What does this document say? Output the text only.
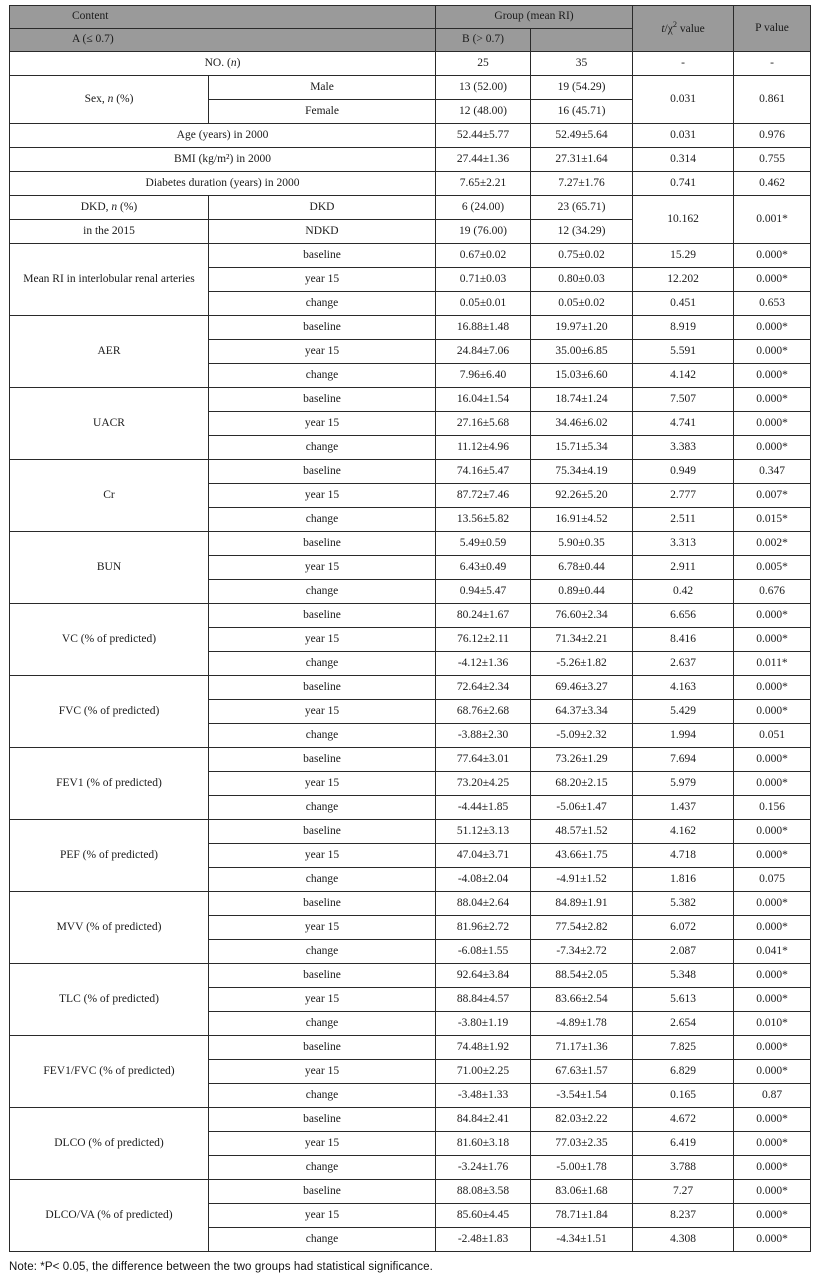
Content		Group (mean RI)		$t/\chi^2$ value	P value
A (≤ 0.7)		B (> 0.7)			
NO. (n)		25	35	-	-
Sex, n (%)	Male	13 (52.00)	19 (54.29)	0.031	0.861
	Female	12 (48.00)	16 (45.71)		
Age (years) in 2000		52.44±5.77	52.49±5.64	0.031	0.976
BMI (kg/m²) in 2000		27.44±1.36	27.31±1.64	0.314	0.755
Diabetes duration (years) in 2000		7.65±2.21	7.27±1.76	0.741	0.462
DKD, n (%)	DKD	6 (24.00)	23 (65.71)	10.162	0.001*
in the 2015	NDKD	19 (76.00)	12 (34.29)		
Mean RI in interlobular renal arteries	baseline	0.67±0.02	0.75±0.02	15.29	0.000*
	year 15	0.71±0.03	0.80±0.03	12.202	0.000*
	change	0.05±0.01	0.05±0.02	0.451	0.653
AER	baseline	16.88±1.48	19.97±1.20	8.919	0.000*
	year 15	24.84±7.06	35.00±6.85	5.591	0.000*
	change	7.96±6.40	15.03±6.60	4.142	0.000*
UACR	baseline	16.04±1.54	18.74±1.24	7.507	0.000*
	year 15	27.16±5.68	34.46±6.02	4.741	0.000*
	change	11.12±4.96	15.71±5.34	3.383	0.000*
Cr	baseline	74.16±5.47	75.34±4.19	0.949	0.347
	year 15	87.72±7.46	92.26±5.20	2.777	0.007*
	change	13.56±5.82	16.91±4.52	2.511	0.015*
BUN	baseline	5.49±0.59	5.90±0.35	3.313	0.002*
	year 15	6.43±0.49	6.78±0.44	2.911	0.005*
	change	0.94±5.47	0.89±0.44	0.42	0.676
VC (% of predicted)	baseline	80.24±1.67	76.60±2.34	6.656	0.000*
	year 15	76.12±2.11	71.34±2.21	8.416	0.000*
	change	-4.12±1.36	-5.26±1.82	2.637	0.011*
FVC (% of predicted)	baseline	72.64±2.34	69.46±3.27	4.163	0.000*
	year 15	68.76±2.68	64.37±3.34	5.429	0.000*
	change	-3.88±2.30	-5.09±2.32	1.994	0.051
FEV1 (% of predicted)	baseline	77.64±3.01	73.26±1.29	7.694	0.000*
	year 15	73.20±4.25	68.20±2.15	5.979	0.000*
	change	-4.44±1.85	-5.06±1.47	1.437	0.156
PEF (% of predicted)	baseline	51.12±3.13	48.57±1.52	4.162	0.000*
	year 15	47.04±3.71	43.66±1.75	4.718	0.000*
	change	-4.08±2.04	-4.91±1.52	1.816	0.075
MVV (% of predicted)	baseline	88.04±2.64	84.89±1.91	5.382	0.000*
	year 15	81.96±2.72	77.54±2.82	6.072	0.000*
	change	-6.08±1.55	-7.34±2.72	2.087	0.041*
TLC (% of predicted)	baseline	92.64±3.84	88.54±2.05	5.348	0.000*
	year 15	88.84±4.57	83.66±2.54	5.613	0.000*
	change	-3.80±1.19	-4.89±1.78	2.654	0.010*
FEV1/FVC (% of predicted)	baseline	74.48±1.92	71.17±1.36	7.825	0.000*
	year 15	71.00±2.25	67.63±1.57	6.829	0.000*
	change	-3.48±1.33	-3.54±1.54	0.165	0.87
DLCO (% of predicted)	baseline	84.84±2.41	82.03±2.22	4.672	0.000*
	year 15	81.60±3.18	77.03±2.35	6.419	0.000*
	change	-3.24±1.76	-5.00±1.78	3.788	0.000*
DLCO/VA (% of predicted)	baseline	88.08±3.58	83.06±1.68	7.27	0.000*
	year 15	85.60±4.45	78.71±1.84	8.237	0.000*
	change	-2.48±1.83	-4.34±1.51	4.308	0.000*
Note: *P< 0.05, the difference between the two groups had statistical significance.
